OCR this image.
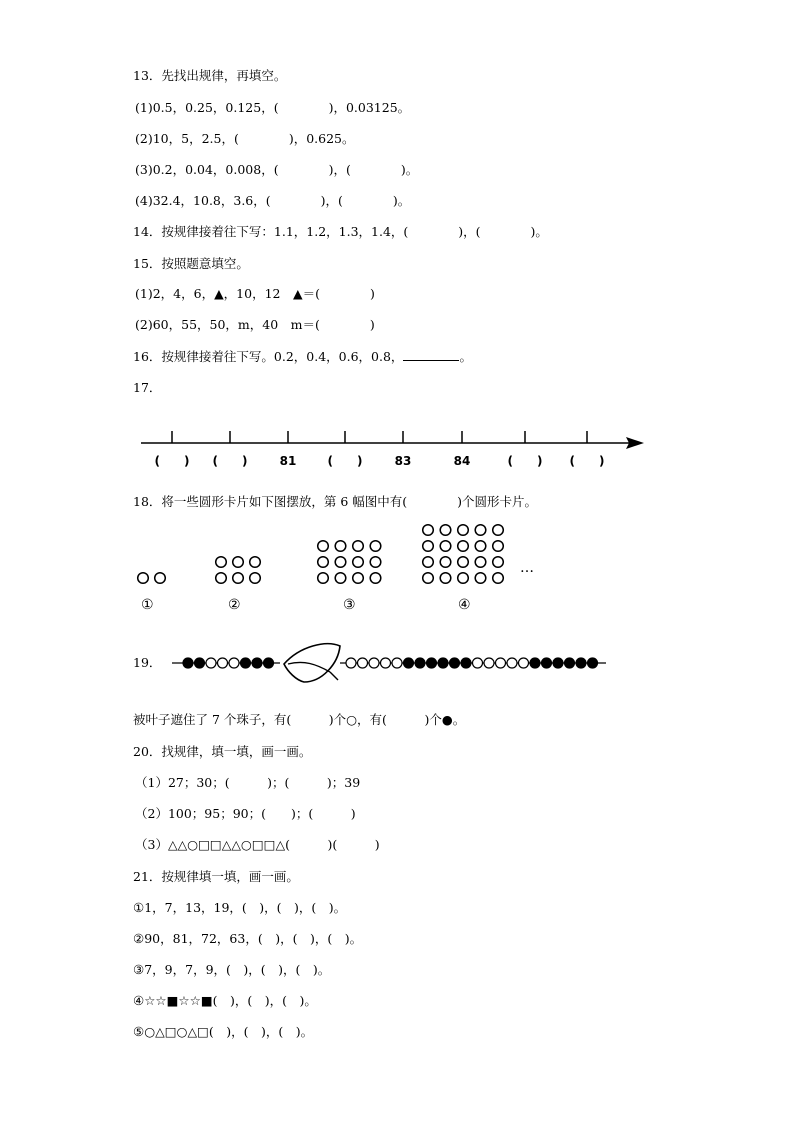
13．先找出规律，再填空。
(1)0.5，0.25，0.125，(　　　　)，0.03125。
(2)10，5，2.5，(　　　　)，0.625。
(3)0.2，0.04，0.008，(　　　　)，(　　　　)。
(4)32.4，10.8，3.6，(　　　　)，(　　　　)。
14．按规律接着往下写：1.1，1.2，1.3，1.4，(　　　　)，(　　　　)。
15．按照题意填空。
(1)2，4，6，▲，10，12　▲＝(　　　　)
(2)60，55，50，m，40　m＝(　　　　)
16．按规律接着往下写。0.2，0.4，0.6，0.8，	。
17．
(　　) (　　)	81	(　　)	83	84	(　　) (　　)
18．将一些圆形卡片如下图摆放，第 6 幅图中有(　　　　)个圆形卡片。
…
①	②	③	④
19．
被叶子遮住了 7 个珠子，有(　　　)个○，有(　　　)个●。
20．找规律，填一填，画一画。
（1）27；30；(　　　)；(　　　)；39
（2）100；95；90；(　　)；(　　　)
（3）△△○□□△△○□□△(　　　)(　　　)
21．按规律填一填，画一画。
①1，7，13，19，(　)，(　)，(　)。
②90，81，72，63，(　)，(　)，(　)。
③7，9，7，9，(　)，(　)，(　)。
④☆☆■☆☆■(　)，(　)，(　)。
⑤○△□○△□(　)，(　)，(　)。
